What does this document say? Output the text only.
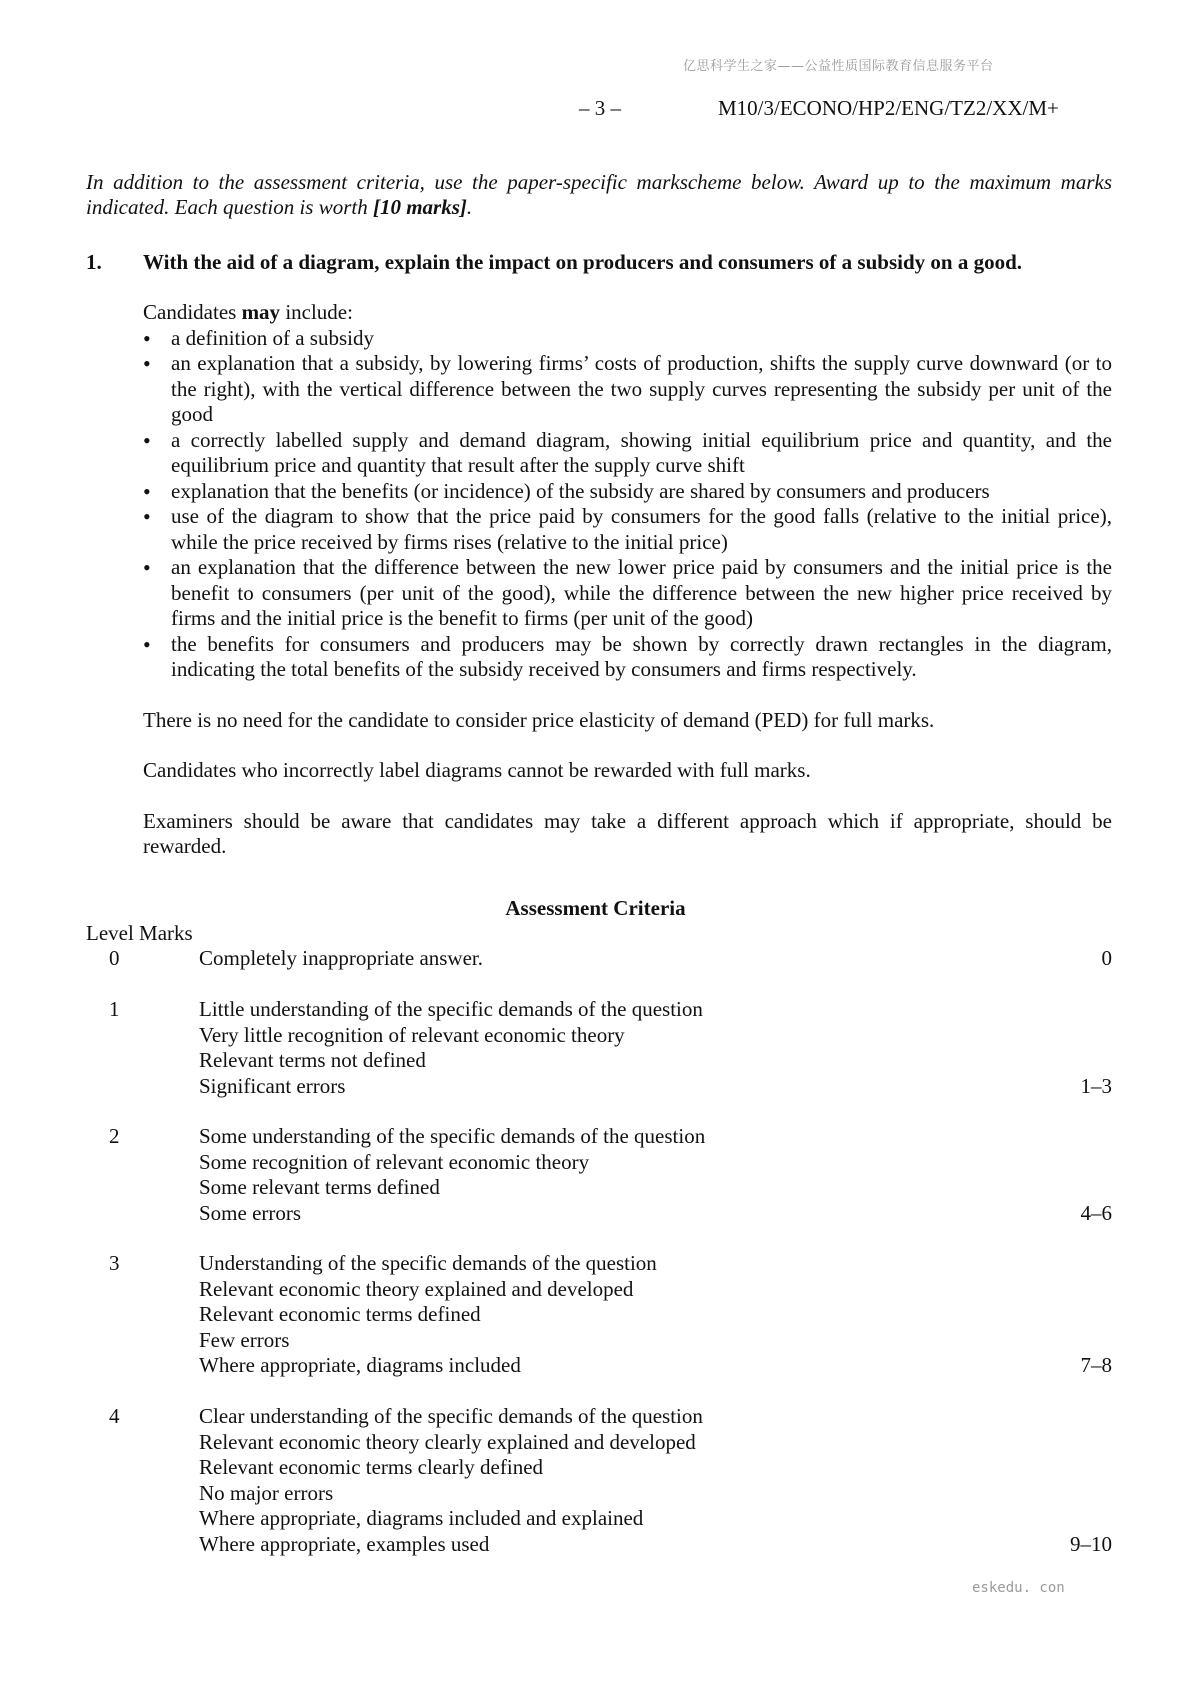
亿思科学生之家——公益性质国际教育信息服务平台
– 3 –	M10/3/ECONO/HP2/ENG/TZ2/XX/M+
In addition to the assessment criteria, use the paper-specific markscheme below. Award up to the maximum marks indicated. Each question is worth [10 marks].
1. With the aid of a diagram, explain the impact on producers and consumers of a subsidy on a good.

Candidates may include:

• a definition of a subsidy
• an explanation that a subsidy, by lowering firms’ costs of production, shifts the supply curve downward (or to the right), with the vertical difference between the two supply curves representing the subsidy per unit of the good
• a correctly labelled supply and demand diagram, showing initial equilibrium price and quantity, and the equilibrium price and quantity that result after the supply curve shift
• explanation that the benefits (or incidence) of the subsidy are shared by consumers and producers
• use of the diagram to show that the price paid by consumers for the good falls (relative to the initial price), while the price received by firms rises (relative to the initial price)
• an explanation that the difference between the new lower price paid by consumers and the initial price is the benefit to consumers (per unit of the good), while the difference between the new higher price received by firms and the initial price is the benefit to firms (per unit of the good)
• the benefits for consumers and producers may be shown by correctly drawn rectangles in the diagram, indicating the total benefits of the subsidy received by consumers and firms respectively.

There is no need for the candidate to consider price elasticity of demand (PED) for full marks.

Candidates who incorrectly label diagrams cannot be rewarded with full marks.

Examiners should be aware that candidates may take a different approach which if appropriate, should be rewarded.

Assessment Criteria
Level Marks
0	Completely inappropriate answer.	0
1	Little understanding of the specific demands of the question
Very little recognition of relevant economic theory
Relevant terms not defined
Significant errors	1–3
2	Some understanding of the specific demands of the question
Some recognition of relevant economic theory
Some relevant terms defined
Some errors	4–6
3	Understanding of the specific demands of the question
Relevant economic theory explained and developed
Relevant economic terms defined
Few errors
Where appropriate, diagrams included	7–8
4	Clear understanding of the specific demands of the question
Relevant economic theory clearly explained and developed
Relevant economic terms clearly defined
No major errors
Where appropriate, diagrams included and explained
Where appropriate, examples used	9–10
eskedu. con
